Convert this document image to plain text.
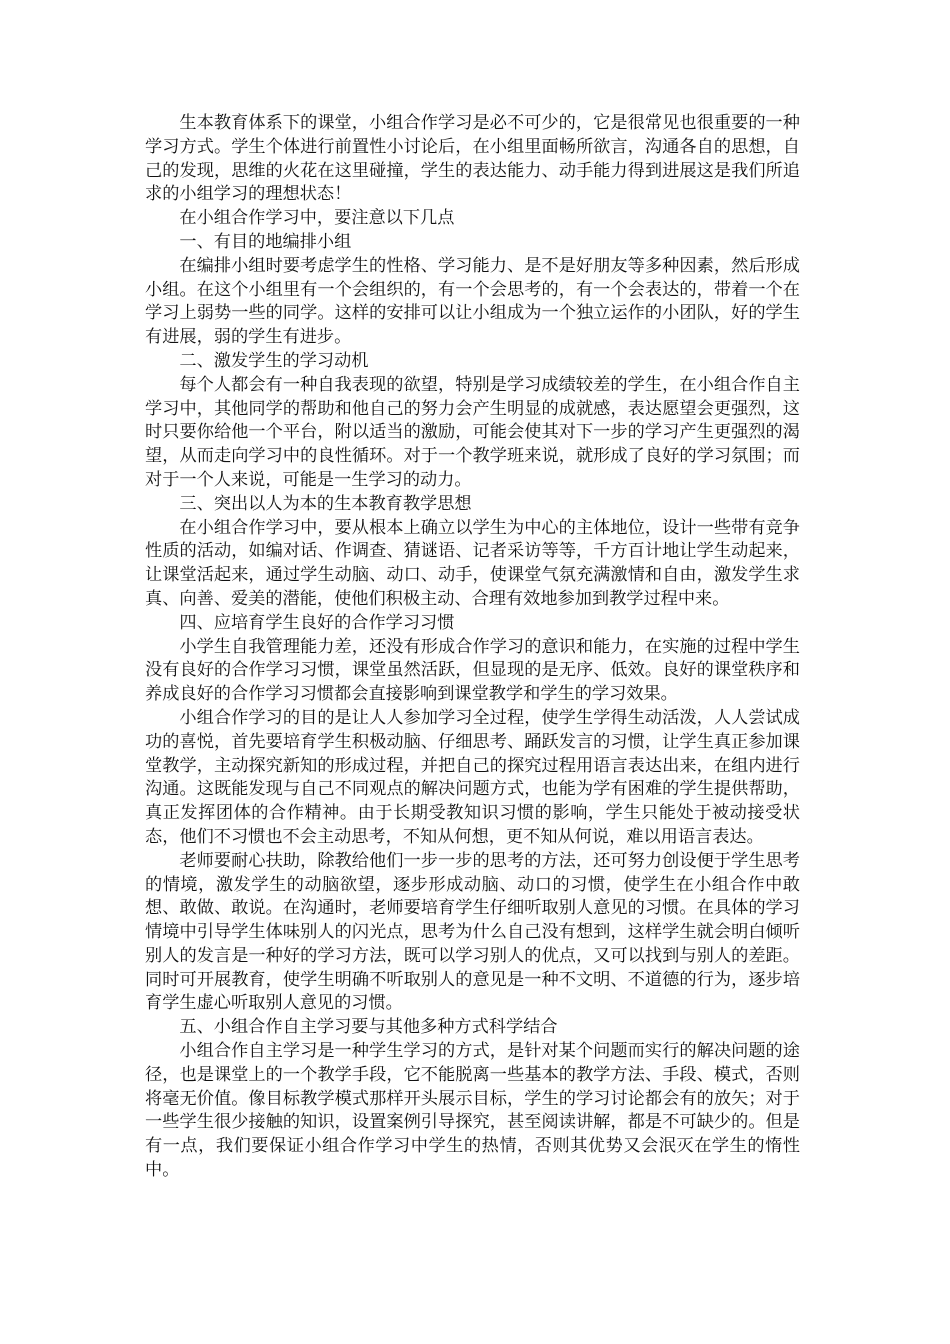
生本教育体系下的课堂，小组合作学习是必不可少的，它是很常见也很重要的一种学习方式。学生个体进行前置性小讨论后，在小组里面畅所欲言，沟通各自的思想，自己的发现，思维的火花在这里碰撞，学生的表达能力、动手能力得到进展这是我们所追求的小组学习的理想状态！

在小组合作学习中，要注意以下几点

一、有目的地编排小组

在编排小组时要考虑学生的性格、学习能力、是不是好朋友等多种因素，然后形成小组。在这个小组里有一个会组织的，有一个会思考的，有一个会表达的，带着一个在学习上弱势一些的同学。这样的安排可以让小组成为一个独立运作的小团队，好的学生有进展，弱的学生有进步。

二、激发学生的学习动机

每个人都会有一种自我表现的欲望，特别是学习成绩较差的学生，在小组合作自主学习中，其他同学的帮助和他自己的努力会产生明显的成就感，表达愿望会更强烈，这时只要你给他一个平台，附以适当的激励，可能会使其对下一步的学习产生更强烈的渴望，从而走向学习中的良性循环。对于一个教学班来说，就形成了良好的学习氛围；而对于一个人来说，可能是一生学习的动力。

三、突出以人为本的生本教育教学思想

在小组合作学习中，要从根本上确立以学生为中心的主体地位，设计一些带有竞争性质的活动，如编对话、作调查、猜谜语、记者采访等等，千方百计地让学生动起来，让课堂活起来，通过学生动脑、动口、动手，使课堂气氛充满激情和自由，激发学生求真、向善、爱美的潜能，使他们积极主动、合理有效地参加到教学过程中来。

四、应培育学生良好的合作学习习惯

小学生自我管理能力差，还没有形成合作学习的意识和能力，在实施的过程中学生没有良好的合作学习习惯，课堂虽然活跃，但显现的是无序、低效。良好的课堂秩序和养成良好的合作学习习惯都会直接影响到课堂教学和学生的学习效果。

小组合作学习的目的是让人人参加学习全过程，使学生学得生动活泼，人人尝试成功的喜悦，首先要培育学生积极动脑、仔细思考、踊跃发言的习惯，让学生真正参加课堂教学，主动探究新知的形成过程，并把自己的探究过程用语言表达出来，在组内进行沟通。这既能发现与自己不同观点的解决问题方式，也能为学有困难的学生提供帮助，真正发挥团体的合作精神。由于长期受教知识习惯的影响，学生只能处于被动接受状态，他们不习惯也不会主动思考，不知从何想，更不知从何说，难以用语言表达。

老师要耐心扶助，除教给他们一步一步的思考的方法，还可努力创设便于学生思考的情境，激发学生的动脑欲望，逐步形成动脑、动口的习惯，使学生在小组合作中敢想、敢做、敢说。在沟通时，老师要培育学生仔细听取别人意见的习惯。在具体的学习情境中引导学生体味别人的闪光点，思考为什么自己没有想到，这样学生就会明白倾听别人的发言是一种好的学习方法，既可以学习别人的优点，又可以找到与别人的差距。同时可开展教育，使学生明确不听取别人的意见是一种不文明、不道德的行为，逐步培育学生虚心听取别人意见的习惯。

五、小组合作自主学习要与其他多种方式科学结合

小组合作自主学习是一种学生学习的方式，是针对某个问题而实行的解决问题的途径，也是课堂上的一个教学手段，它不能脱离一些基本的教学方法、手段、模式，否则将毫无价值。像目标教学模式那样开头展示目标，学生的学习讨论都会有的放矢；对于一些学生很少接触的知识，设置案例引导探究，甚至阅读讲解，都是不可缺少的。但是有一点，我们要保证小组合作学习中学生的热情，否则其优势又会泯灭在学生的惰性中。
